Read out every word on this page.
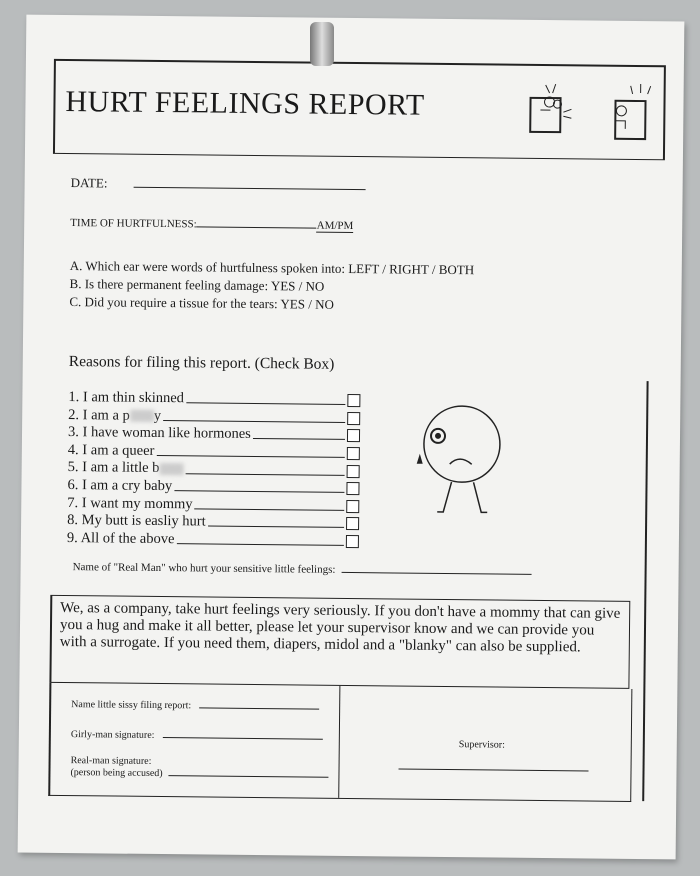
HURT FEELINGS REPORT
DATE:
TIME OF HURTFULNESS:	AM/PM
A. Which ear were words of hurtfulness spoken into: LEFT / RIGHT / BOTH
B. Is there permanent feeling damage: YES / NO
C. Did you require a tissue for the tears: YES / NO
Reasons for filing this report. (Check Box)
1. I am thin skinned
2. I am a p y
3. I have woman like hormones
4. I am a queer
5. I am a little b
6. I am a cry baby
7. I want my mommy
8. My butt is easliy hurt
9. All of the above
Name of "Real Man" who hurt your sensitive little feelings:
We, as a company, take hurt feelings very seriously. If you don't have a mommy that can give you a hug and make it all better, please let your supervisor know and we can provide you with a surrogate. If you need them, diapers, midol and a "blanky" can also be supplied.
Name little sissy filing report:
Girly-man signature:
Real-man signature:
(person being accused)
Supervisor:
